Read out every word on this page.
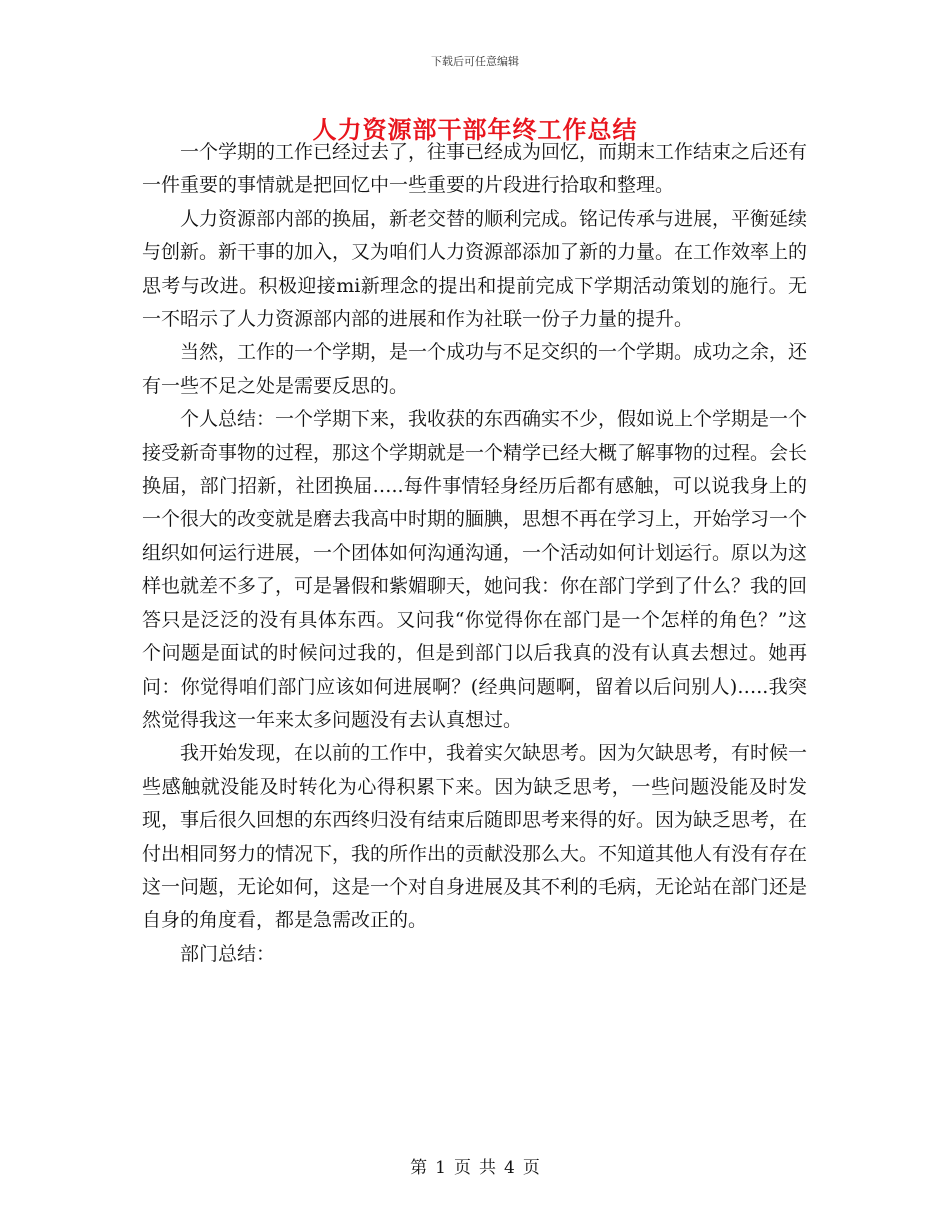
下载后可任意编辑
人力资源部干部年终工作总结

一个学期的工作已经过去了，往事已经成为回忆，而期末工作结束之后还有一件重要的事情就是把回忆中一些重要的片段进行拾取和整理。

人力资源部内部的换届，新老交替的顺利完成。铭记传承与进展，平衡延续与创新。新干事的加入，又为咱们人力资源部添加了新的力量。在工作效率上的思考与改进。积极迎接mi新理念的提出和提前完成下学期活动策划的施行。无一不昭示了人力资源部内部的进展和作为社联一份子力量的提升。

当然，工作的一个学期，是一个成功与不足交织的一个学期。成功之余，还有一些不足之处是需要反思的。

个人总结：一个学期下来，我收获的东西确实不少，假如说上个学期是一个接受新奇事物的过程，那这个学期就是一个精学已经大概了解事物的过程。会长换届，部门招新，社团换届…..每件事情轻身经历后都有感触，可以说我身上的一个很大的改变就是磨去我高中时期的腼腆，思想不再在学习上，开始学习一个组织如何运行进展，一个团体如何沟通沟通，一个活动如何计划运行。原以为这样也就差不多了，可是暑假和紫媚聊天，她问我：你在部门学到了什么？我的回答只是泛泛的没有具体东西。又问我“你觉得你在部门是一个怎样的角色？”这个问题是面试的时候问过我的，但是到部门以后我真的没有认真去想过。她再问：你觉得咱们部门应该如何进展啊？(经典问题啊，留着以后问别人)…..我突然觉得我这一年来太多问题没有去认真想过。

我开始发现，在以前的工作中，我着实欠缺思考。因为欠缺思考，有时候一些感触就没能及时转化为心得积累下来。因为缺乏思考，一些问题没能及时发现，事后很久回想的东西终归没有结束后随即思考来得的好。因为缺乏思考，在付出相同努力的情况下，我的所作出的贡献没那么大。不知道其他人有没有存在这一问题，无论如何，这是一个对自身进展及其不利的毛病，无论站在部门还是自身的角度看，都是急需改正的。

部门总结：

第 1 页 共 4 页
